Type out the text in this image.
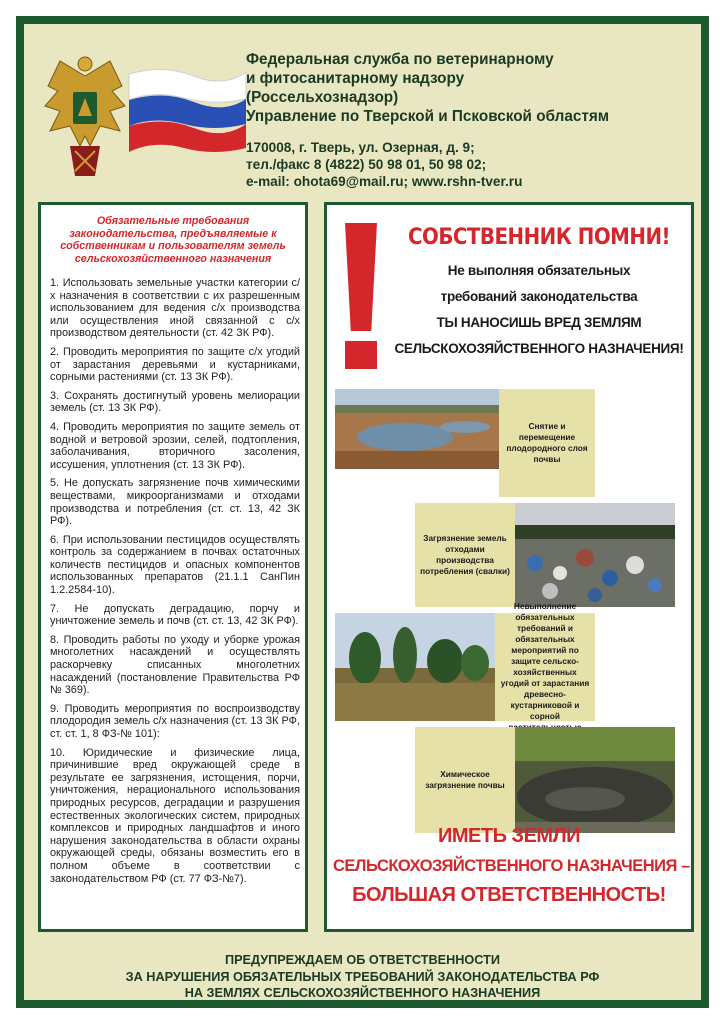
Федеральная служба по ветеринарному
и фитосанитарному надзору
(Россельхознадзор)
Управление по Тверской и Псковской областям
170008, г. Тверь, ул. Озерная, д. 9;
тел./факс 8 (4822) 50 98 01, 50 98 02;
e-mail: ohota69@mail.ru; www.rshn-tver.ru
Обязательные требования
законодательства, предъявляемые к
собственникам и пользователям земель
сельскохозяйственного назначения
1. Использовать земельные участки категории с/х назначения в соответствии с их разрешенным использованием для ведения с/х производства или осуществления иной связанной с с/х производством деятельности (ст. 42 ЗК РФ).
2. Проводить мероприятия по защите с/х угодий от зарастания деревьями и кустарниками, сорными растениями (ст. 13 ЗК РФ).
3. Сохранять достигнутый уровень мелиорации земель (ст. 13 ЗК РФ).
4. Проводить мероприятия по защите земель от водной и ветровой эрозии, селей, подтопления, заболачивания, вторичного засоления, иссушения, уплотнения (ст. 13 ЗК РФ).
5. Не допускать загрязнение почв химическими веществами, микроорганизмами и отходами производства и потребления (ст. ст. 13, 42 ЗК РФ).
6. При использовании пестицидов осуществлять контроль за содержанием в почвах остаточных количеств пестицидов и опасных компонентов использованных препаратов (21.1.1 СанПин 1.2.2584-10).
7. Не допускать деградацию, порчу и уничтожение земель и почв (ст. ст. 13, 42 ЗК РФ).
8. Проводить работы по уходу и уборке урожая многолетних насаждений и осуществлять раскорчевку списанных многолетних насаждений (постановление Правительства РФ № 369).
9. Проводить мероприятия по воспроизводству плодородия земель с/х назначения (ст. 13 ЗК РФ, ст. ст. 1, 8 ФЗ-№ 101):
10. Юридические и физические лица, причинившие вред окружающей среде в результате ее загрязнения, истощения, порчи, уничтожения, нерационального использования природных ресурсов, деградации и разрушения естественных экологических систем, природных комплексов и природных ландшафтов и иного нарушения законодательства в области охраны окружающей среды, обязаны возместить его в полном объеме в соответствии с законодательством РФ (ст. 77 ФЗ-№7).
СОБСТВЕННИК ПОМНИ!
Не выполняя обязательных
требований законодательства
ТЫ НАНОСИШЬ ВРЕД ЗЕМЛЯМ
СЕЛЬСКОХОЗЯЙСТВЕННОГО НАЗНАЧЕНИЯ!
Снятие и перемещение плодородного слоя почвы
Загрязнение земель отходами производства потребления (свалки)
обязательных требований и обязательных мероприятий по защите сельско-хозяйственных угодий от зарастания древесно-кустарниковой и сорной
Химическое загрязнение почвы
ИМЕТЬ ЗЕМЛИ
СЕЛЬСКОХОЗЯЙСТВЕННОГО НАЗНАЧЕНИЯ –
БОЛЬШАЯ ОТВЕТСТВЕННОСТЬ!
ПРЕДУПРЕЖДАЕМ ОБ ОТВЕТСТВЕННОСТИ
ЗА НАРУШЕНИЯ ОБЯЗАТЕЛЬНЫХ ТРЕБОВАНИЙ ЗАКОНОДАТЕЛЬСТВА РФ
НА ЗЕМЛЯХ СЕЛЬСКОХОЗЯЙСТВЕННОГО НАЗНАЧЕНИЯ
